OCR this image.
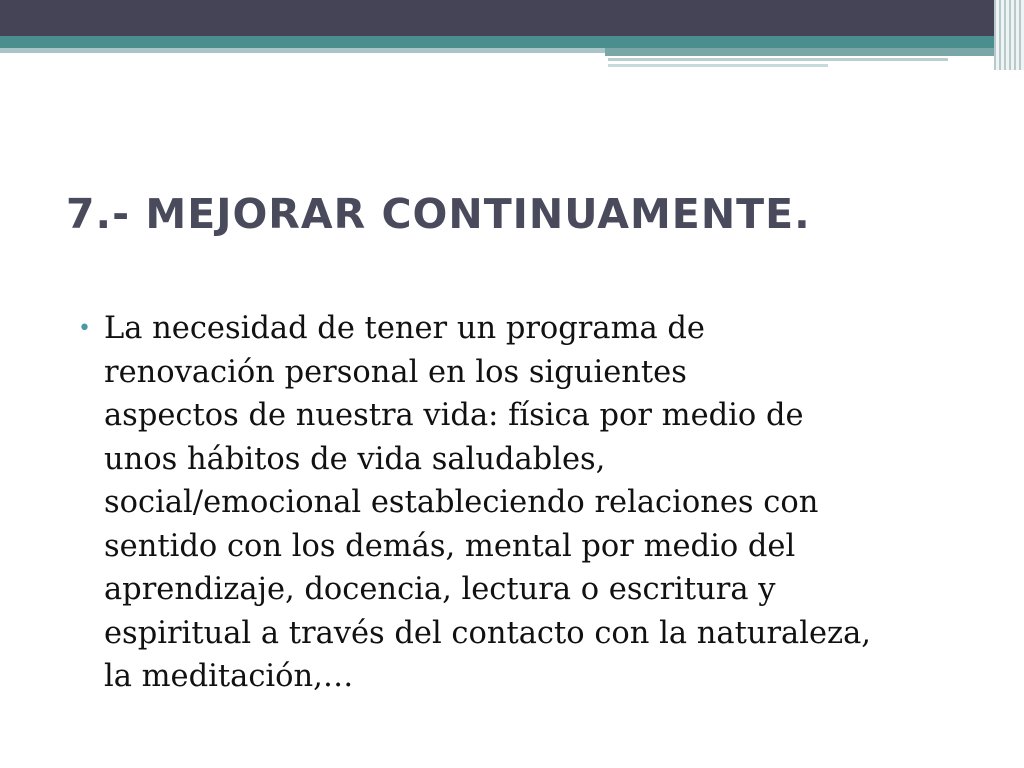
7.- MEJORAR CONTINUAMENTE.
• La necesidad de tener un programa de
renovación personal en los siguientes
aspectos de nuestra vida: física por medio de
unos hábitos de vida saludables,
social/emocional estableciendo relaciones con
sentido con los demás, mental por medio del
aprendizaje, docencia, lectura o escritura y
espiritual a través del contacto con la naturaleza,
la meditación,…
